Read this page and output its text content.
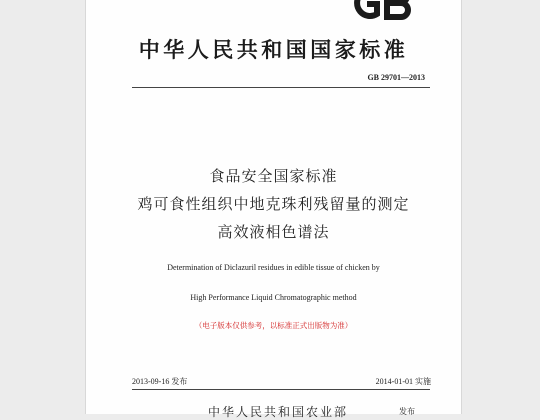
中华人民共和国国家标准
GB 29701—2013
食品安全国家标准
鸡可食性组织中地克珠利残留量的测定
高效液相色谱法
Determination of Diclazuril residues in edible tissue of chicken by
High Performance Liquid Chromatographic method
（电子版本仅供参考，以标准正式出版物为准）
2013-09-16 发布	2014-01-01 实施
中华人民共和国农业部	发布
